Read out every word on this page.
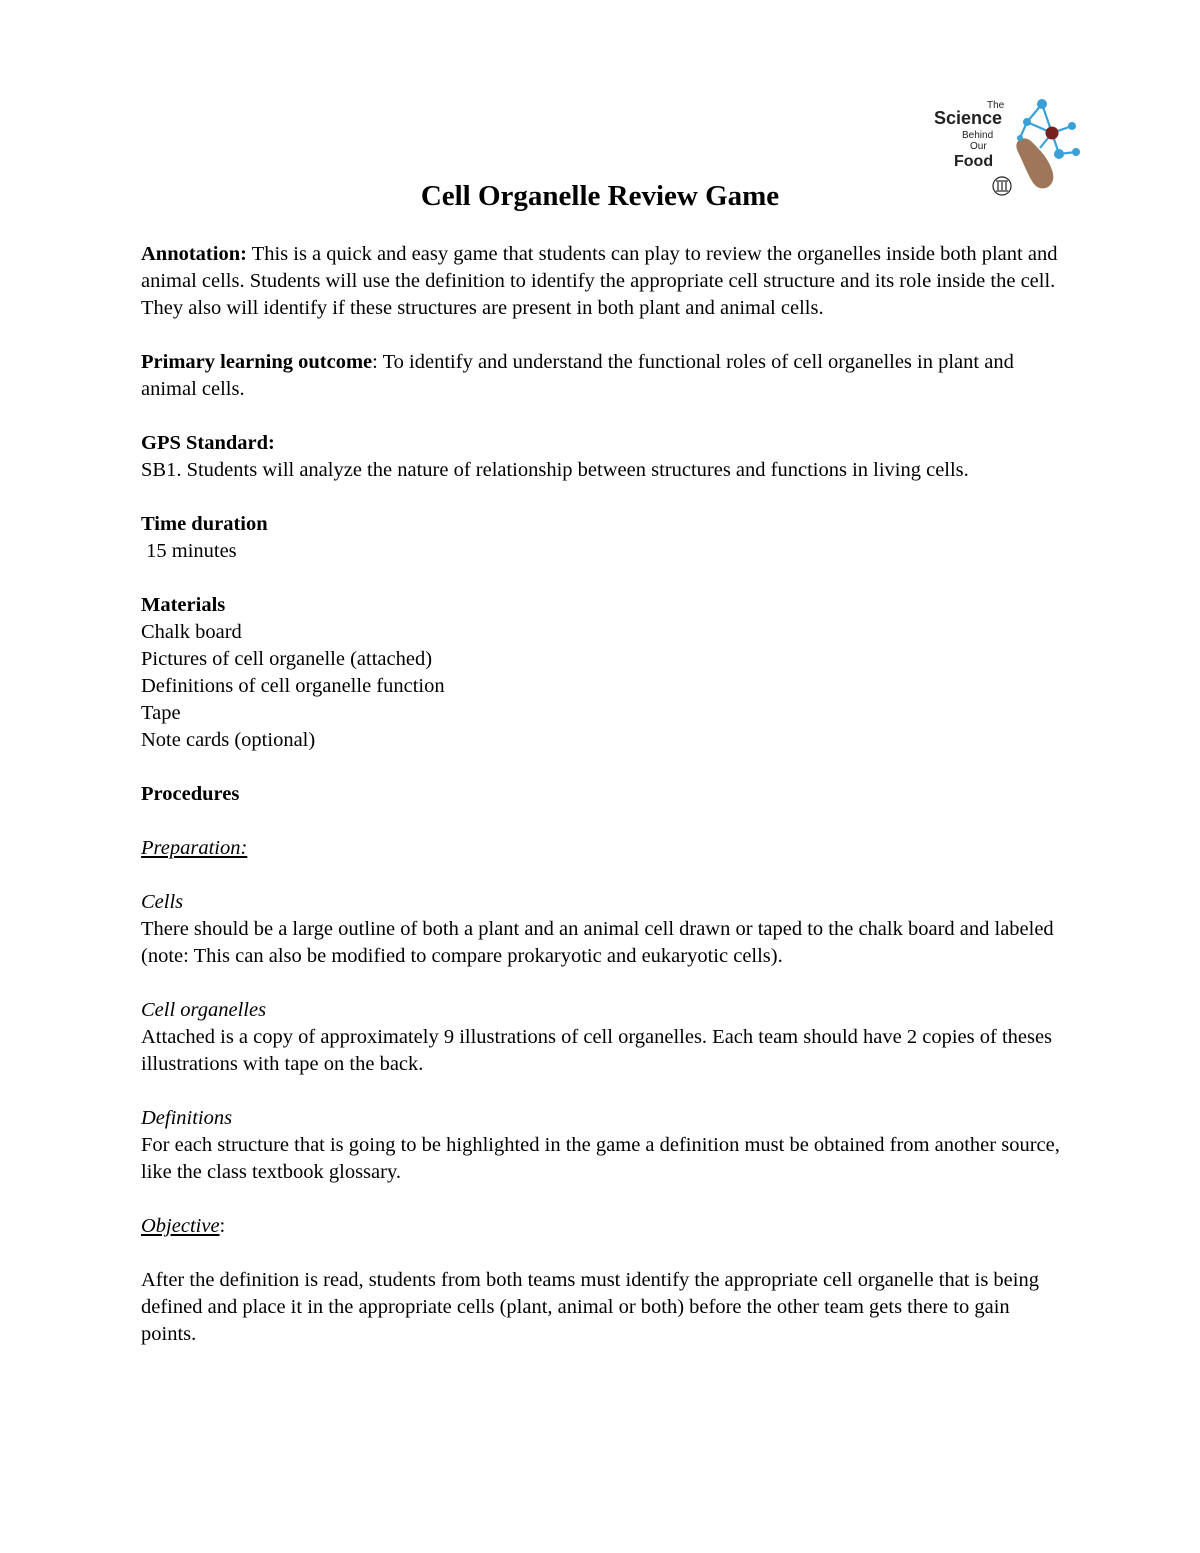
The
Science
Behind
Our
Food
Cell Organelle Review Game

Annotation: This is a quick and easy game that students can play to review the organelles inside both plant and animal cells. Students will use the definition to identify the appropriate cell structure and its role inside the cell. They also will identify if these structures are present in both plant and animal cells.

Primary learning outcome: To identify and understand the functional roles of cell organelles in plant and animal cells.

GPS Standard:

SB1. Students will analyze the nature of relationship between structures and functions in living cells.

Time duration

15 minutes

Materials

Chalk board

Pictures of cell organelle (attached)

Definitions of cell organelle function

Tape

Note cards (optional)

Procedures

Preparation:

Cells

There should be a large outline of both a plant and an animal cell drawn or taped to the chalk board and labeled (note: This can also be modified to compare prokaryotic and eukaryotic cells).

Cell organelles

Attached is a copy of approximately 9 illustrations of cell organelles. Each team should have 2 copies of theses illustrations with tape on the back.

Definitions

For each structure that is going to be highlighted in the game a definition must be obtained from another source, like the class textbook glossary.

Objective:

After the definition is read, students from both teams must identify the appropriate cell organelle that is being defined and place it in the appropriate cells (plant, animal or both) before the other team gets there to gain points.
